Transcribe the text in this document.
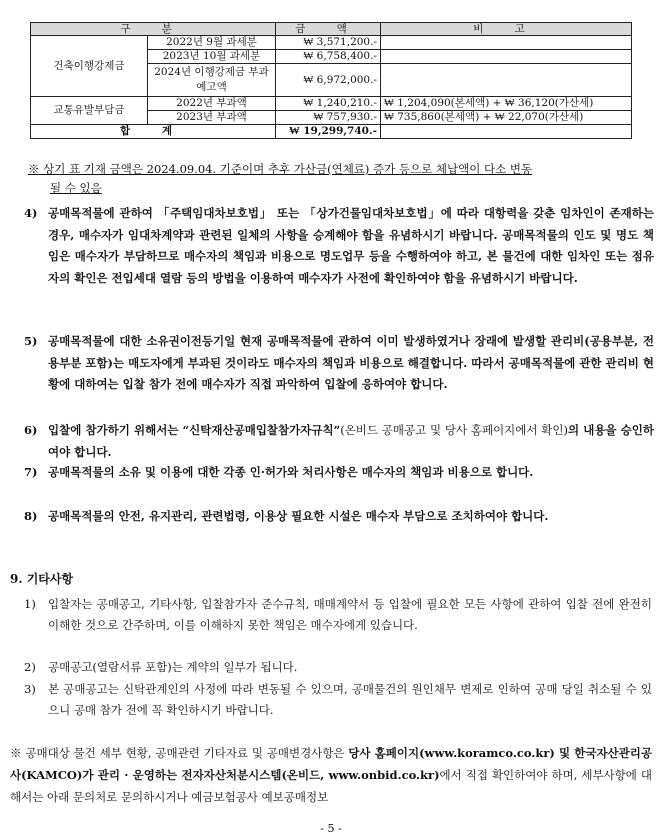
구 분		금 액	비 고
건축이행강제금	2022년 9월 과세분	₩ 3,571,200.-	
	2023년 10월 과세분	₩ 6,758,400.-	
	2024년 이행강제금 부과예고액	₩ 6,972,000.-	
교통유발부담금	2022년 부과액	₩ 1,240,210.-	₩ 1,204,090(본세액) + ₩ 36,120(가산세)
	2023년 부과액	₩ 757,930.-	₩ 735,860(본세액) + ₩ 22,070(가산세)
합 계		₩ 19,299,740.-	
※ 상기 표 기재 금액은 2024.09.04. 기준이며 추후 가산금(연체료) 증가 등으로 체납액이 다소 변동
될 수 있음
4) 공매목적물에 관하여 「주택임대차보호법」 또는 「상가건물임대차보호법」에 따라 대항력을 갖춘 임차인이 존재하는 경우, 매수자가 임대차계약과 관련된 일체의 사항을 승계해야 함을 유념하시기 바랍니다. 공매목적물의 인도 및 명도 책임은 매수자가 부담하므로 매수자의 책임과 비용으로 명도업무 등을 수행하여야 하고, 본 물건에 대한 임차인 또는 점유자의 확인은 전입세대 열람 등의 방법을 이용하여 매수자가 사전에 확인하여야 함을 유념하시기 바랍니다.
5) 공매목적물에 대한 소유권이전등기일 현재 공매목적물에 관하여 이미 발생하였거나 장래에 발생할 관리비(공용부분, 전용부분 포함)는 매도자에게 부과된 것이라도 매수자의 책임과 비용으로 해결합니다. 따라서 공매목적물에 관한 관리비 현황에 대하여는 입찰 참가 전에 매수자가 직접 파악하여 입찰에 응하여야 합니다.
6) 입찰에 참가하기 위해서는 “신탁재산공매입찰참가자규칙”(온비드 공매공고 및 당사 홈페이지에서 확인)의 내용을 승인하여야 합니다.
7) 공매목적물의 소유 및 이용에 대한 각종 인·허가와 처리사항은 매수자의 책임과 비용으로 합니다.
8) 공매목적물의 안전, 유지관리, 관련법령, 이용상 필요한 시설은 매수자 부담으로 조치하여야 합니다.
9. 기타사항
1) 입찰자는 공매공고, 기타사항, 입찰참가자 준수규칙, 매매계약서 등 입찰에 필요한 모든 사항에 관하여 입찰 전에 완전히 이해한 것으로 간주하며, 이를 이해하지 못한 책임은 매수자에게 있습니다.
2) 공매공고(열람서류 포함)는 계약의 일부가 됩니다.
3) 본 공매공고는 신탁관계인의 사정에 따라 변동될 수 있으며, 공매물건의 원인채무 변제로 인하여 공매 당일 취소될 수 있으니 공매 참가 전에 꼭 확인하시기 바랍니다.
※ 공매대상 물건 세부 현황, 공매관련 기타자료 및 공매변경사항은 당사 홈페이지(www.koramco.co.kr) 및 한국자산관리공사(KAMCO)가 관리 · 운영하는 전자자산처분시스템(온비드, www.onbid.co.kr)에서 직접 확인하여야 하며, 세부사항에 대해서는 아래 문의처로 문의하시거나 예금보험공사 예보공매정보
- 5 -
